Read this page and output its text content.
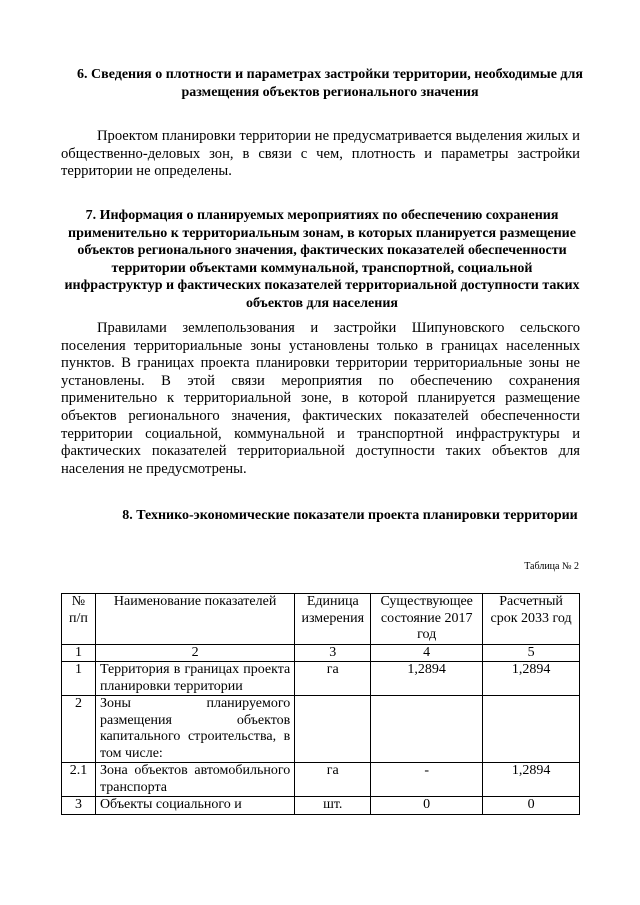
6. Сведения о плотности и параметрах застройки территории, необходимые для размещения объектов регионального значения

Проектом планировки территории не предусматривается выделения жилых и общественно-деловых зон, в связи с чем, плотность и параметры застройки территории не определены.

7. Информация о планируемых мероприятиях по обеспечению сохранения применительно к территориальным зонам, в которых планируется размещение объектов регионального значения, фактических показателей обеспеченности территории объектами коммунальной, транспортной, социальной инфраструктур и фактических показателей территориальной доступности таких объектов для населения

Правилами землепользования и застройки Шипуновского сельского поселения территориальные зоны установлены только в границах населенных пунктов. В границах проекта планировки территории территориальные зоны не установлены. В этой связи мероприятия по обеспечению сохранения применительно к территориальной зоне, в которой планируется размещение объектов регионального значения, фактических показателей обеспеченности территории социальной, коммунальной и транспортной инфраструктуры и фактических показателей территориальной доступности таких объектов для населения не предусмотрены.

8. Технико-экономические показатели проекта планировки территории
Таблица № 2
№ п/п	Наименование показателей	Единица измерения	Существующее состояние 2017 год	Расчетный срок 2033 год
1	2	3	4	5
1	Территория в границах проекта планировки территории	га	1,2894	1,2894
2	Зоны планируемого размещения объектов капитального строительства, в том числе:			
2.1	Зона объектов автомобильного транспорта	га	-	1,2894
3	Объекты социального и	шт.	0	0
